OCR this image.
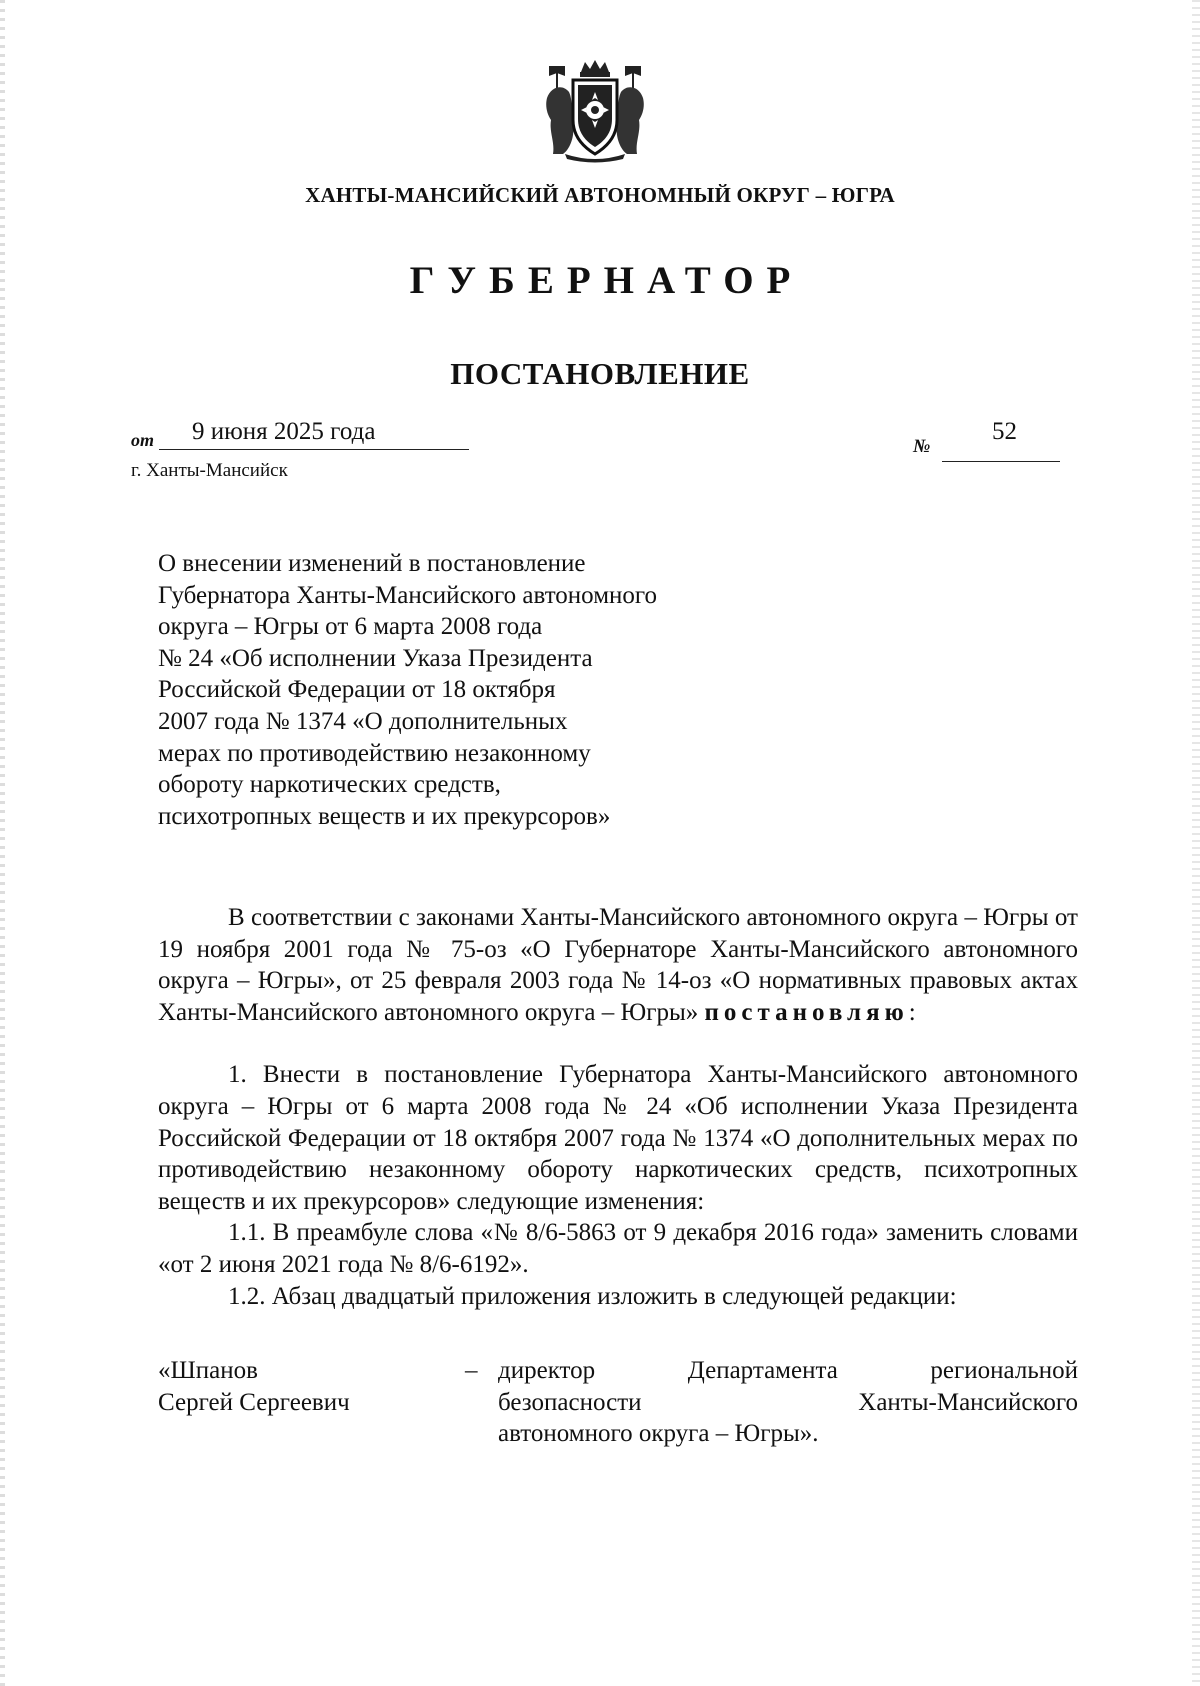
ХАНТЫ-МАНСИЙСКИЙ АВТОНОМНЫЙ ОКРУГ – ЮГРА
ГУБЕРНАТОР
ПОСТАНОВЛЕНИЕ
от 9 июня 2025 года
№
52
г. Ханты-Мансийск
О внесении изменений в постановление
Губернатора Ханты-Мансийского автономного
округа – Югры от 6 марта 2008 года
№ 24 «Об исполнении Указа Президента
Российской Федерации от 18 октября
2007 года № 1374 «О дополнительных
мерах по противодействию незаконному
обороту наркотических средств,
психотропных веществ и их прекурсоров»

В соответствии с законами Ханты-Мансийского автономного округа – Югры от 19 ноября 2001 года № 75-оз «О Губернаторе Ханты-Мансийского автономного округа – Югры», от 25 февраля 2003 года № 14-оз «О нормативных правовых актах Ханты-Мансийского автономного округа – Югры» постановляю:

1. Внести в постановление Губернатора Ханты-Мансийского автономного округа – Югры от 6 марта 2008 года № 24 «Об исполнении Указа Президента Российской Федерации от 18 октября 2007 года № 1374 «О дополнительных мерах по противодействию незаконному обороту наркотических средств, психотропных веществ и их прекурсоров» следующие изменения:

1.1. В преамбуле слова «№ 8/6-5863 от 9 декабря 2016 года» заменить словами «от 2 июня 2021 года № 8/6-6192».

1.2. Абзац двадцатый приложения изложить в следующей редакции:

«Шпанов
Сергей Сергеевич
– директор Департамента региональной
безопасности Ханты-Мансийского
автономного округа – Югры».
